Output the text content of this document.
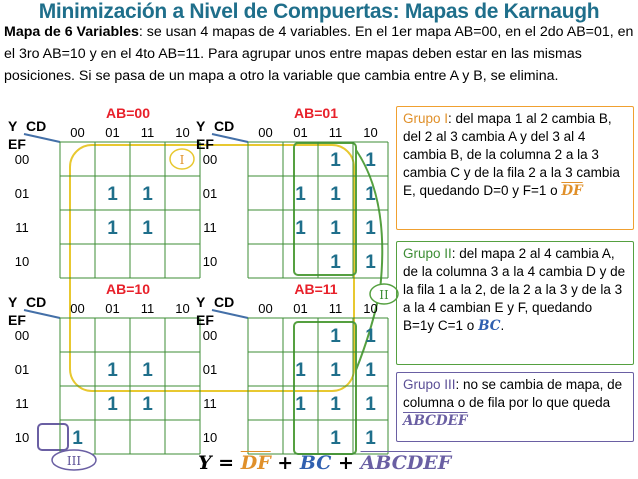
Minimización a Nivel de Compuertas: Mapas de Karnaugh
Mapa de 6 Variables: se usan 4 mapas de 4 variables. En el 1er mapa AB=00, en el 2do AB=01, en el 3ro AB=10 y en el 4to AB=11. Para agrupar unos entre mapas deben estar en las mismas posiciones. Si se pasa de un mapa a otro la variable que cambia entre A y B, se elimina.
AB=00
Y CD
EF
00 01 11 10
00
01
11
10
1 1
1 1
AB=01
Y CD
EF
00 01 11 10
00
01
11
10
1 1
1 1 1
1 1 1
1 1
AB=10
Y CD
EF
00 01 11 10
00
01
11
10
1 1
1 1
1
AB=11
Y CD
EF
00 01 11 10
00
01
11
10
1 1
1 1 1
1 1 1
1 1
I
II
III
Grupo I: del mapa 1 al 2 cambia B, del 2 al 3 cambia A y del 3 al 4 cambia B, de la columna 2 a la 3 cambia C y de la fila 2 a la 3 cambia E, quedando D=0 y F=1 o $\overline{DF}$
Grupo II: del mapa 2 al 4 cambia A, de la columna 3 a la 4 cambia D y de la fila 1 a la 2, de la 2 a la 3 y de la 3 a la 4 cambian E y F, quedando B=1y C=1 o BC.
Grupo III: no se cambia de mapa, de columna o de fila por lo que queda ABCDEF
$Y = \overline{DF}$ + BC + ABCDEF
